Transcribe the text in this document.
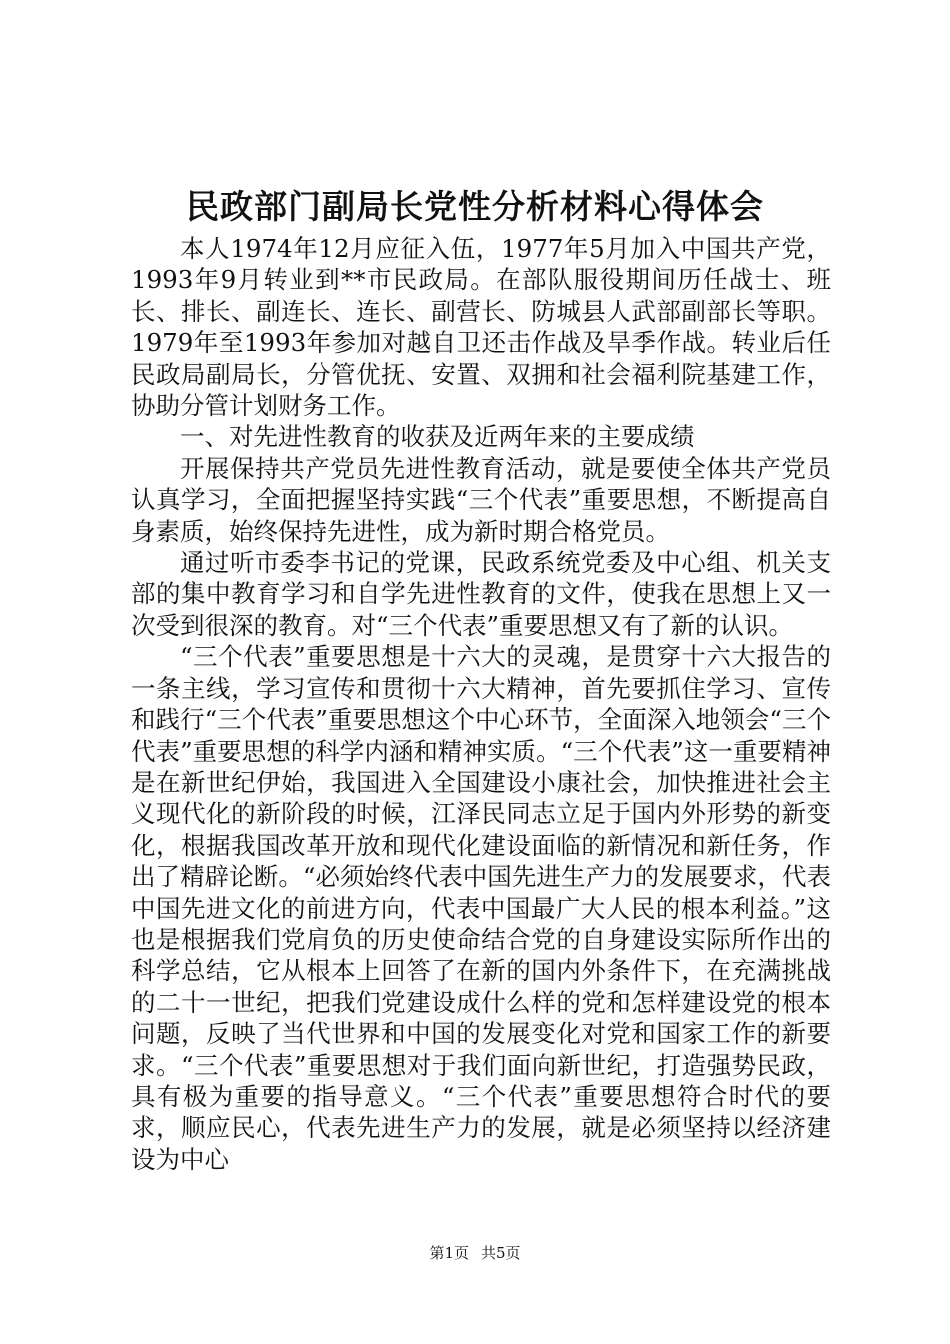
民政部门副局长党性分析材料心得体会

本人1974年12月应征入伍，1977年5月加入中国共产党，1993年9月转业到**市民政局。在部队服役期间历任战士、班长、排长、副连长、连长、副营长、防城县人武部副部长等职。1979年至1993年参加对越自卫还击作战及旱季作战。转业后任民政局副局长，分管优抚、安置、双拥和社会福利院基建工作，协助分管计划财务工作。

一、对先进性教育的收获及近两年来的主要成绩

开展保持共产党员先进性教育活动，就是要使全体共产党员认真学习，全面把握坚持实践“三个代表”重要思想，不断提高自身素质，始终保持先进性，成为新时期合格党员。

通过听市委李书记的党课，民政系统党委及中心组、机关支部的集中教育学习和自学先进性教育的文件，使我在思想上又一次受到很深的教育。对“三个代表”重要思想又有了新的认识。

“三个代表”重要思想是十六大的灵魂，是贯穿十六大报告的一条主线，学习宣传和贯彻十六大精神，首先要抓住学习、宣传和践行“三个代表”重要思想这个中心环节，全面深入地领会“三个代表”重要思想的科学内涵和精神实质。“三个代表”这一重要精神是在新世纪伊始，我国进入全国建设小康社会，加快推进社会主义现代化的新阶段的时候，江泽民同志立足于国内外形势的新变化，根据我国改革开放和现代化建设面临的新情况和新任务，作出了精辟论断。“必须始终代表中国先进生产力的发展要求，代表中国先进文化的前进方向，代表中国最广大人民的根本利益。”这也是根据我们党肩负的历史使命结合党的自身建设实际所作出的科学总结，它从根本上回答了在新的国内外条件下，在充满挑战的二十一世纪，把我们党建设成什么样的党和怎样建设党的根本问题，反映了当代世界和中国的发展变化对党和国家工作的新要求。“三个代表”重要思想对于我们面向新世纪，打造强势民政，具有极为重要的指导意义。“三个代表”重要思想符合时代的要求，顺应民心，代表先进生产力的发展，就是必须坚持以经济建设为中心

第1页 共5页
